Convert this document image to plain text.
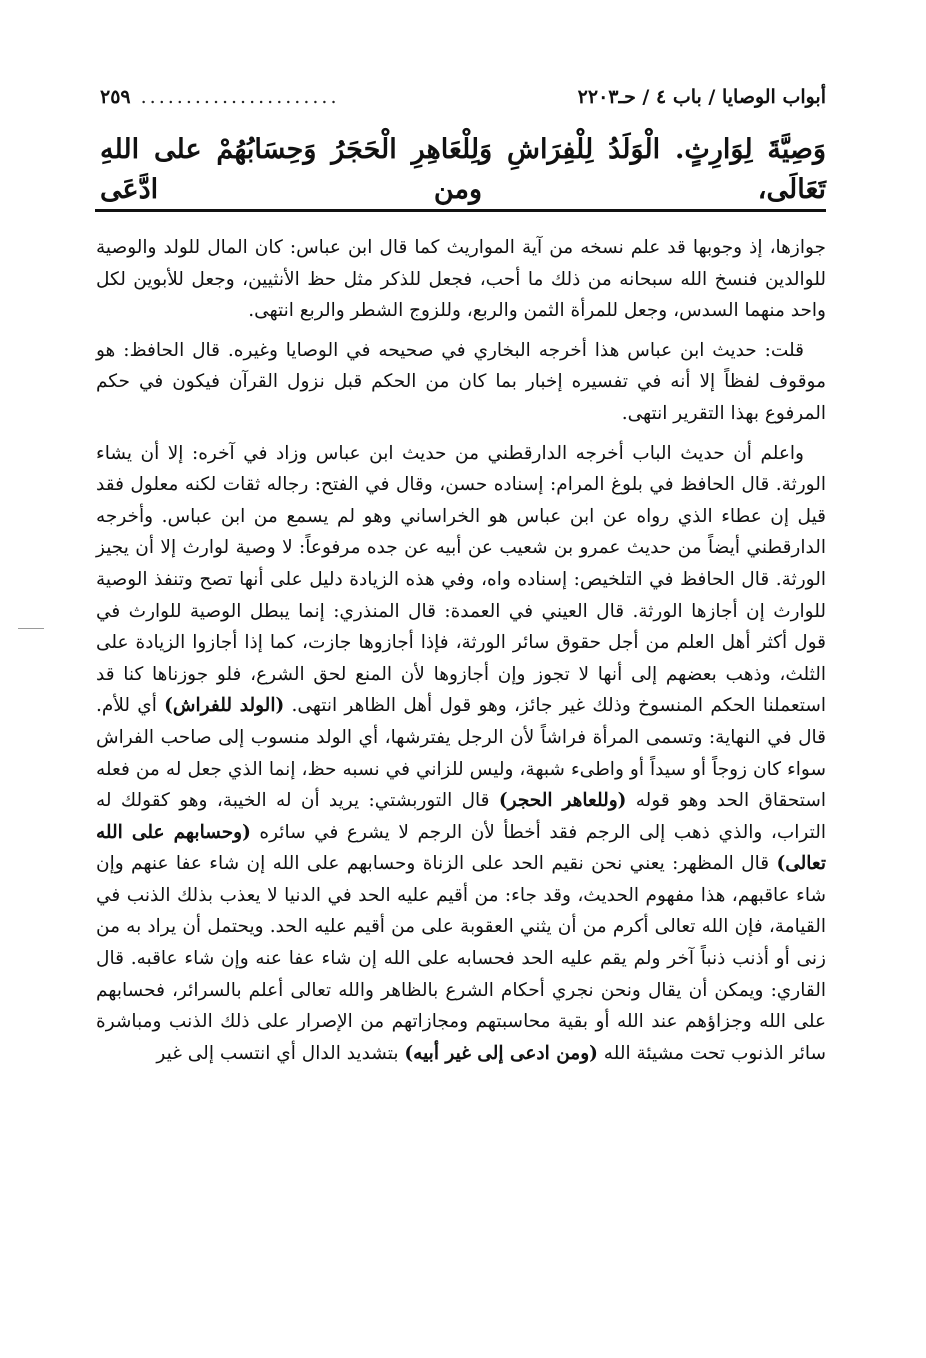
أبواب الوصايا / باب ٤ / حـ٢٢٠٣
......................
٢٥٩
وَصِيَّةَ لِوَارِثٍ. الْوَلَدُ لِلْفِرَاشِ وَلِلْعَاهِرِ الْحَجَرُ وَحِسَابُهُمْ على اللهِ تَعَالَى، ومن ادَّعَى

جوازها، إذ وجوبها قد علم نسخه من آية المواريث كما قال ابن عباس: كان المال للولد والوصية للوالدين فنسخ الله سبحانه من ذلك ما أحب، فجعل للذكر مثل حظ الأنثيين، وجعل للأبوين لكل واحد منهما السدس، وجعل للمرأة الثمن والربع، وللزوج الشطر والربع انتهى.

قلت: حديث ابن عباس هذا أخرجه البخاري في صحيحه في الوصايا وغيره. قال الحافظ: هو موقوف لفظاً إلا أنه في تفسيره إخبار بما كان من الحكم قبل نزول القرآن فيكون في حكم المرفوع بهذا التقرير انتهى.

واعلم أن حديث الباب أخرجه الدارقطني من حديث ابن عباس وزاد في آخره: إلا أن يشاء الورثة. قال الحافظ في بلوغ المرام: إسناده حسن، وقال في الفتح: رجاله ثقات لكنه معلول فقد قيل إن عطاء الذي رواه عن ابن عباس هو الخراساني وهو لم يسمع من ابن عباس. وأخرجه الدارقطني أيضاً من حديث عمرو بن شعيب عن أبيه عن جده مرفوعاً: لا وصية لوارث إلا أن يجيز الورثة. قال الحافظ في التلخيص: إسناده واه، وفي هذه الزيادة دليل على أنها تصح وتنفذ الوصية للوارث إن أجازها الورثة. قال العيني في العمدة: قال المنذري: إنما يبطل الوصية للوارث في قول أكثر أهل العلم من أجل حقوق سائر الورثة، فإذا أجازوها جازت، كما إذا أجازوا الزيادة على الثلث، وذهب بعضهم إلى أنها لا تجوز وإن أجازوها لأن المنع لحق الشرع، فلو جوزناها كنا قد استعملنا الحكم المنسوخ وذلك غير جائز، وهو قول أهل الظاهر انتهى. (الولد للفراش) أي للأم. قال في النهاية: وتسمى المرأة فراشاً لأن الرجل يفترشها، أي الولد منسوب إلى صاحب الفراش سواء كان زوجاً أو سيداً أو واطىء شبهة، وليس للزاني في نسبه حظ، إنما الذي جعل له من فعله استحقاق الحد وهو قوله (وللعاهر الحجر) قال التوربشتي: يريد أن له الخيبة، وهو كقولك له التراب، والذي ذهب إلى الرجم فقد أخطأ لأن الرجم لا يشرع في سائره (وحسابهم على الله تعالى) قال المظهر: يعني نحن نقيم الحد على الزناة وحسابهم على الله إن شاء عفا عنهم وإن شاء عاقبهم، هذا مفهوم الحديث، وقد جاء: من أقيم عليه الحد في الدنيا لا يعذب بذلك الذنب في القيامة، فإن الله تعالى أكرم من أن يثني العقوبة على من أقيم عليه الحد. ويحتمل أن يراد به من زنى أو أذنب ذنباً آخر ولم يقم عليه الحد فحسابه على الله إن شاء عفا عنه وإن شاء عاقبه. قال القاري: ويمكن أن يقال ونحن نجري أحكام الشرع بالظاهر والله تعالى أعلم بالسرائر، فحسابهم على الله وجزاؤهم عند الله أو بقية محاسبتهم ومجازاتهم من الإصرار على ذلك الذنب ومباشرة سائر الذنوب تحت مشيئة الله (ومن ادعى إلى غير أبيه) بتشديد الدال أي انتسب إلى غير
